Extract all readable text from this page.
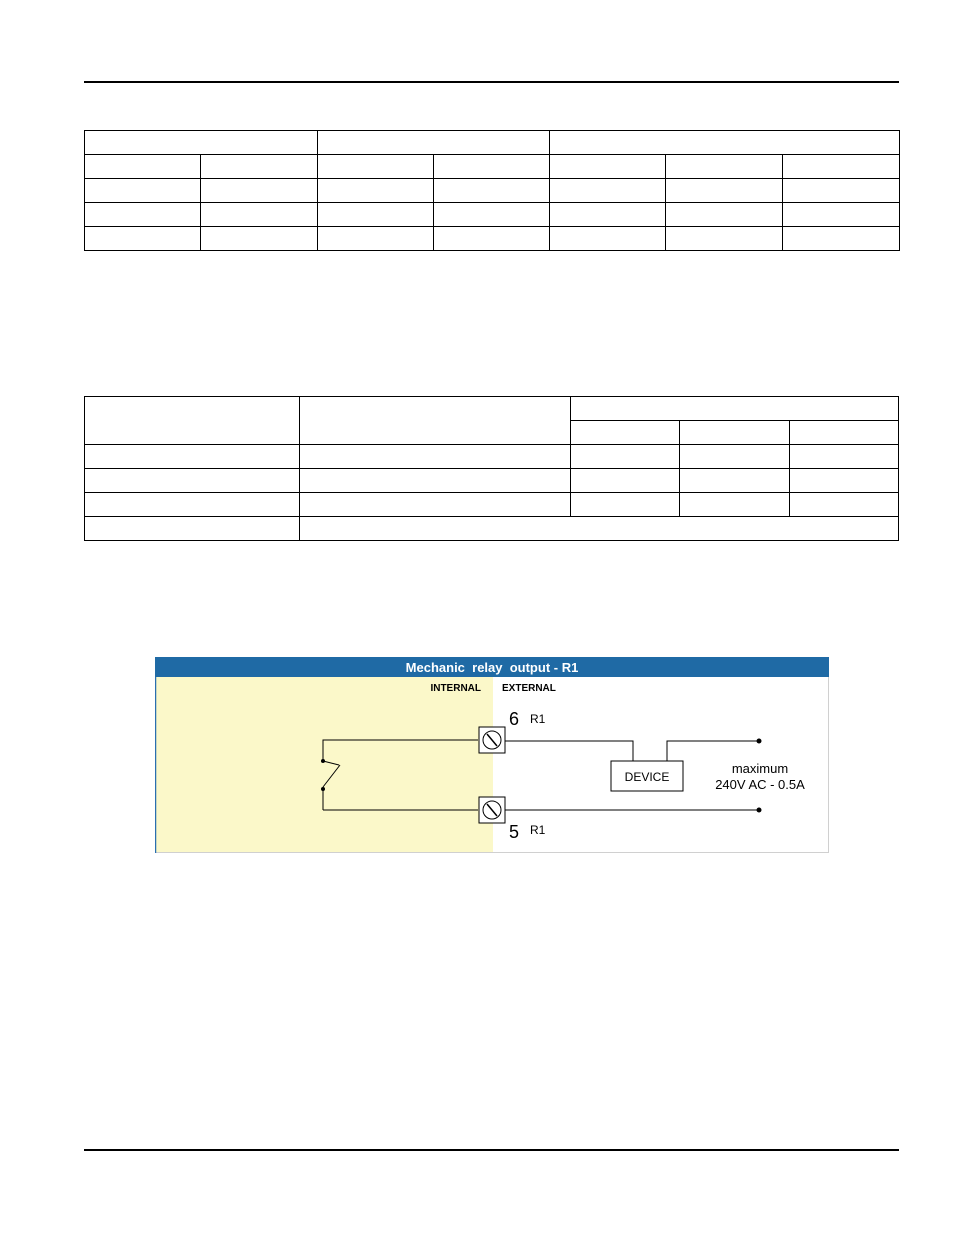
Mechanic  relay  output - R1
INTERNAL EXTERNAL
6 R1
5 R1
DEVICE
maximum
240V AC - 0.5A
